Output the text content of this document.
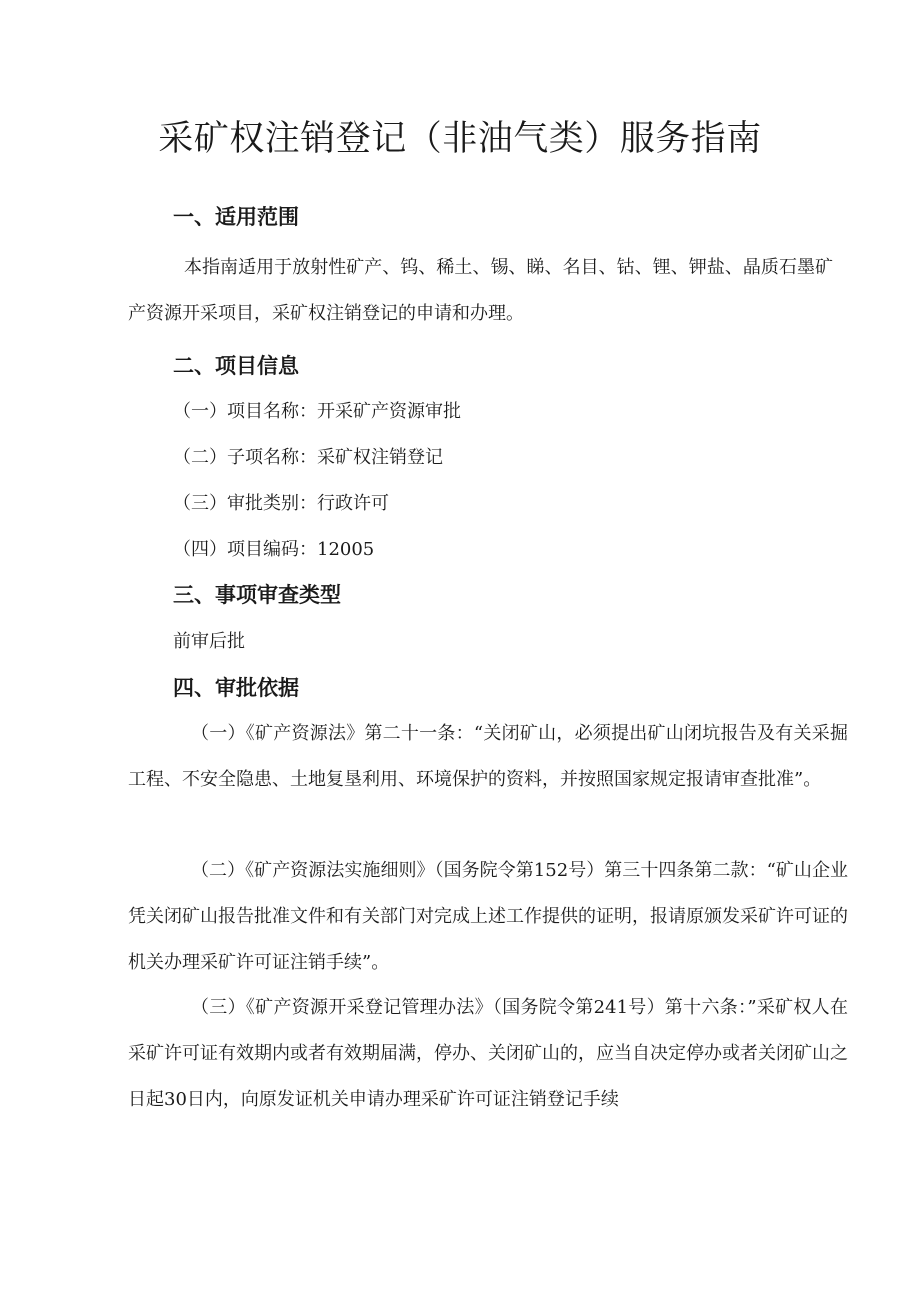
采矿权注销登记（非油气类）服务指南
一、适用范围

本指南适用于放射性矿产、钨、稀土、锡、睇、名目、钴、锂、钾盐、晶质石墨矿产资源开采项目，采矿权注销登记的申请和办理。

二、项目信息

（一）项目名称：开采矿产资源审批

（二）子项名称：采矿权注销登记

（三）审批类别：行政许可

（四）项目编码：12005

三、事项审查类型

前审后批

四、审批依据

（一）《矿产资源法》第二十一条：“关闭矿山，必须提出矿山闭坑报告及有关采掘工程、不安全隐患、土地复垦利用、环境保护的资料，并按照国家规定报请审查批准”。

（二）《矿产资源法实施细则》（国务院令第152号）第三十四条第二款：“矿山企业凭关闭矿山报告批准文件和有关部门对完成上述工作提供的证明，报请原颁发采矿许可证的机关办理采矿许可证注销手续”。

（三）《矿产资源开采登记管理办法》（国务院令第241号）第十六条：”采矿权人在采矿许可证有效期内或者有效期届满，停办、关闭矿山的，应当自决定停办或者关闭矿山之日起30日内，向原发证机关申请办理采矿许可证注销登记手续
